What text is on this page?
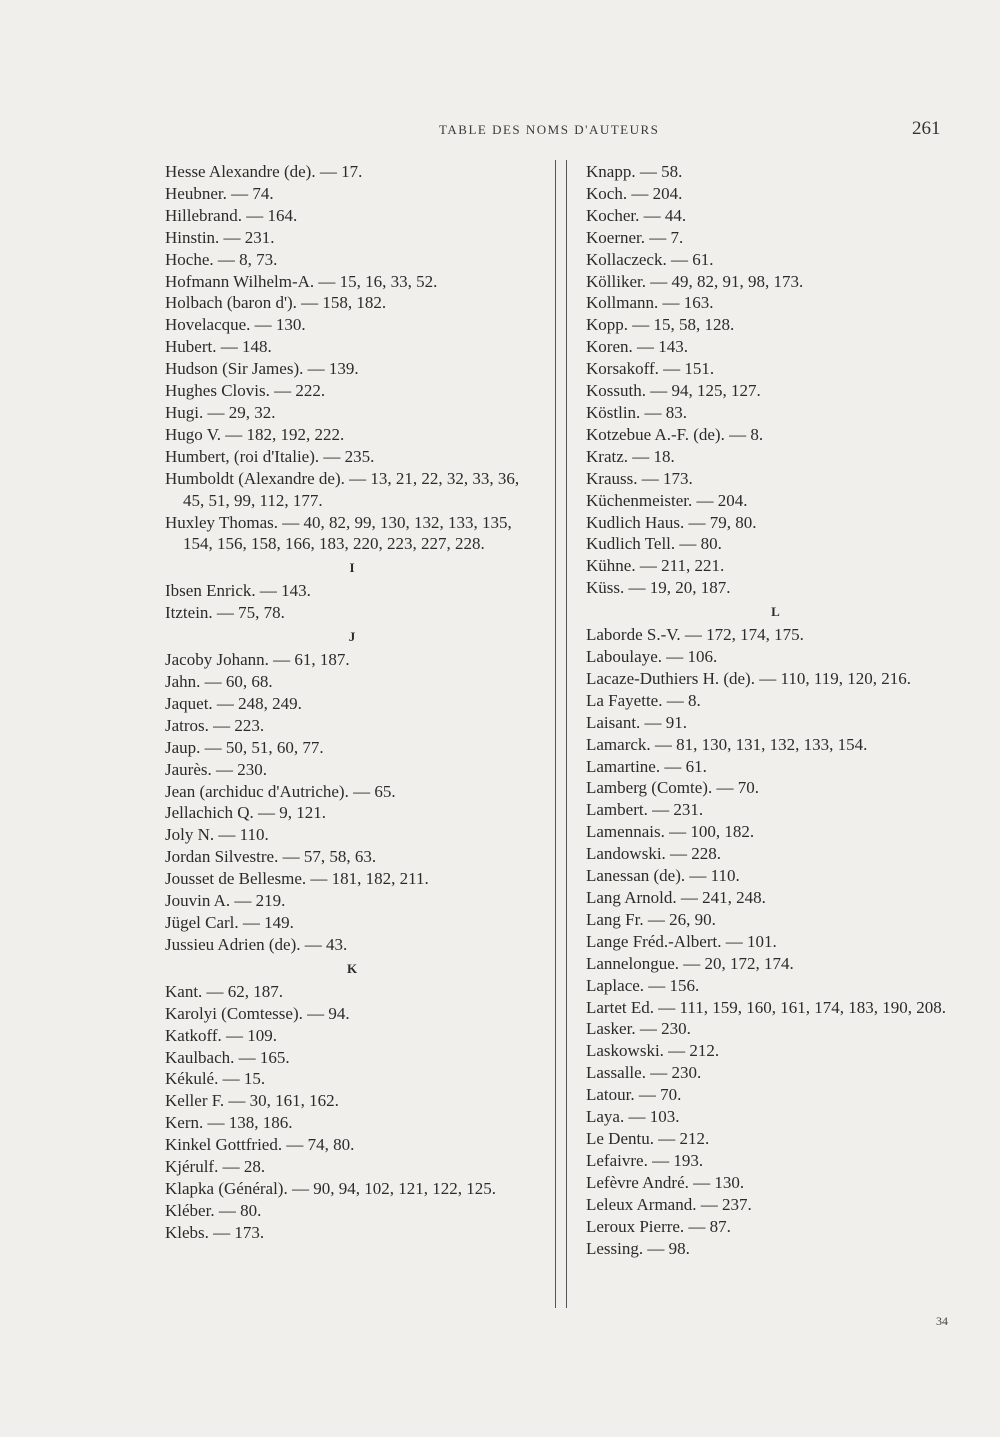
TABLE DES NOMS D'AUTEURS	261

Hesse Alexandre (de). — 17.

Heubner. — 74.

Hillebrand. — 164.

Hinstin. — 231.

Hoche. — 8, 73.

Hofmann Wilhelm-A. — 15, 16, 33, 52.

Holbach (baron d'). — 158, 182.

Hovelacque. — 130.

Hubert. — 148.

Hudson (Sir James). — 139.

Hughes Clovis. — 222.

Hugi. — 29, 32.

Hugo V. — 182, 192, 222.

Humbert, (roi d'Italie). — 235.

Humboldt (Alexandre de). — 13, 21, 22, 32, 33, 36, 45, 51, 99, 112, 177.

Huxley Thomas. — 40, 82, 99, 130, 132, 133, 135, 154, 156, 158, 166, 183, 220, 223, 227, 228.

I

Ibsen Enrick. — 143.

Itztein. — 75, 78.

J

Jacoby Johann. — 61, 187.

Jahn. — 60, 68.

Jaquet. — 248, 249.

Jatros. — 223.

Jaup. — 50, 51, 60, 77.

Jaurès. — 230.

Jean (archiduc d'Autriche). — 65.

Jellachich Q. — 9, 121.

Joly N. — 110.

Jordan Silvestre. — 57, 58, 63.

Jousset de Bellesme. — 181, 182, 211.

Jouvin A. — 219.

Jügel Carl. — 149.

Jussieu Adrien (de). — 43.

K

Kant. — 62, 187.

Karolyi (Comtesse). — 94.

Katkoff. — 109.

Kaulbach. — 165.

Kékulé. — 15.

Keller F. — 30, 161, 162.

Kern. — 138, 186.

Kinkel Gottfried. — 74, 80.

Kjérulf. — 28.

Klapka (Général). — 90, 94, 102, 121, 122, 125.

Kléber. — 80.

Klebs. — 173.

Knapp. — 58.

Koch. — 204.

Kocher. — 44.

Koerner. — 7.

Kollaczeck. — 61.

Kölliker. — 49, 82, 91, 98, 173.

Kollmann. — 163.

Kopp. — 15, 58, 128.

Koren. — 143.

Korsakoff. — 151.

Kossuth. — 94, 125, 127.

Köstlin. — 83.

Kotzebue A.-F. (de). — 8.

Kratz. — 18.

Krauss. — 173.

Küchenmeister. — 204.

Kudlich Haus. — 79, 80.

Kudlich Tell. — 80.

Kühne. — 211, 221.

Küss. — 19, 20, 187.

L

Laborde S.-V. — 172, 174, 175.

Laboulaye. — 106.

Lacaze-Duthiers H. (de). — 110, 119, 120, 216.

La Fayette. — 8.

Laisant. — 91.

Lamarck. — 81, 130, 131, 132, 133, 154.

Lamartine. — 61.

Lamberg (Comte). — 70.

Lambert. — 231.

Lamennais. — 100, 182.

Landowski. — 228.

Lanessan (de). — 110.

Lang Arnold. — 241, 248.

Lang Fr. — 26, 90.

Lange Fréd.-Albert. — 101.

Lannelongue. — 20, 172, 174.

Laplace. — 156.

Lartet Ed. — 111, 159, 160, 161, 174, 183, 190, 208.

Lasker. — 230.

Laskowski. — 212.

Lassalle. — 230.

Latour. — 70.

Laya. — 103.

Le Dentu. — 212.

Lefaivre. — 193.

Lefèvre André. — 130.

Leleux Armand. — 237.

Leroux Pierre. — 87.

Lessing. — 98.

34
